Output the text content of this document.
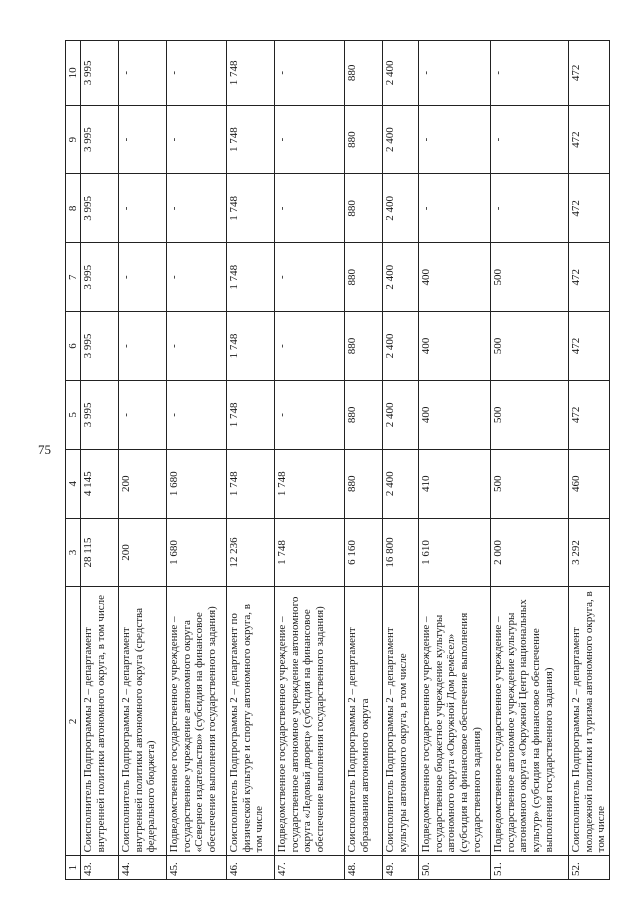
75
1	2	3	4	5	6	7	8	9	10
43.	Соисполнитель Подпрограммы 2 – департамент внутренней политики автономного округа, в том числе	28 115	4 145	3 995	3 995	3 995	3 995	3 995	3 995
44.	Соисполнитель Подпрограммы 2 – департамент внутренней политики автономного округа (средства федерального бюджета)	200	200	-	-	-	-	-	-
45.	Подведомственное государственное учреждение – государственное учреждение автономного округа «Северное издательство» (субсидия на финансовое обеспечение выполнения государственного задания)	1 680	1 680	-	-	-	-	-	-
46.	Соисполнитель Подпрограммы 2 – департамент по физической культуре и спорту автономного округа, в том числе	12 236	1 748	1 748	1 748	1 748	1 748	1 748	1 748
47.	Подведомственное государственное учреждение – государственное автономное учреждение автономного округа «Ледовый дворец» (субсидия на финансовое обеспечение выполнения государственного задания)	1 748	1 748	-	-	-	-	-	-
48.	Соисполнитель Подпрограммы 2 – департамент образования автономного округа	6 160	880	880	880	880	880	880	880
49.	Соисполнитель Подпрограммы 2 – департамент культуры автономного округа, в том числе	16 800	2 400	2 400	2 400	2 400	2 400	2 400	2 400
50.	Подведомственное государственное учреждение – государственное бюджетное учреждение культуры автономного округа «Окружной Дом ремёсел» (субсидия на финансовое обеспечение выполнения государственного задания)	1 610	410	400	400	400	-	-	-
51.	Подведомственное государственное учреждение – государственное автономное учреждение культуры автономного округа «Окружной Центр национальных культур» (субсидия на финансовое обеспечение выполнения государственного задания)	2 000	500	500	500	500	-	-	-
52.	Соисполнитель Подпрограммы 2 – департамент молодежной политики и туризма автономного округа, в том числе	3 292	460	472	472	472	472	472	472
